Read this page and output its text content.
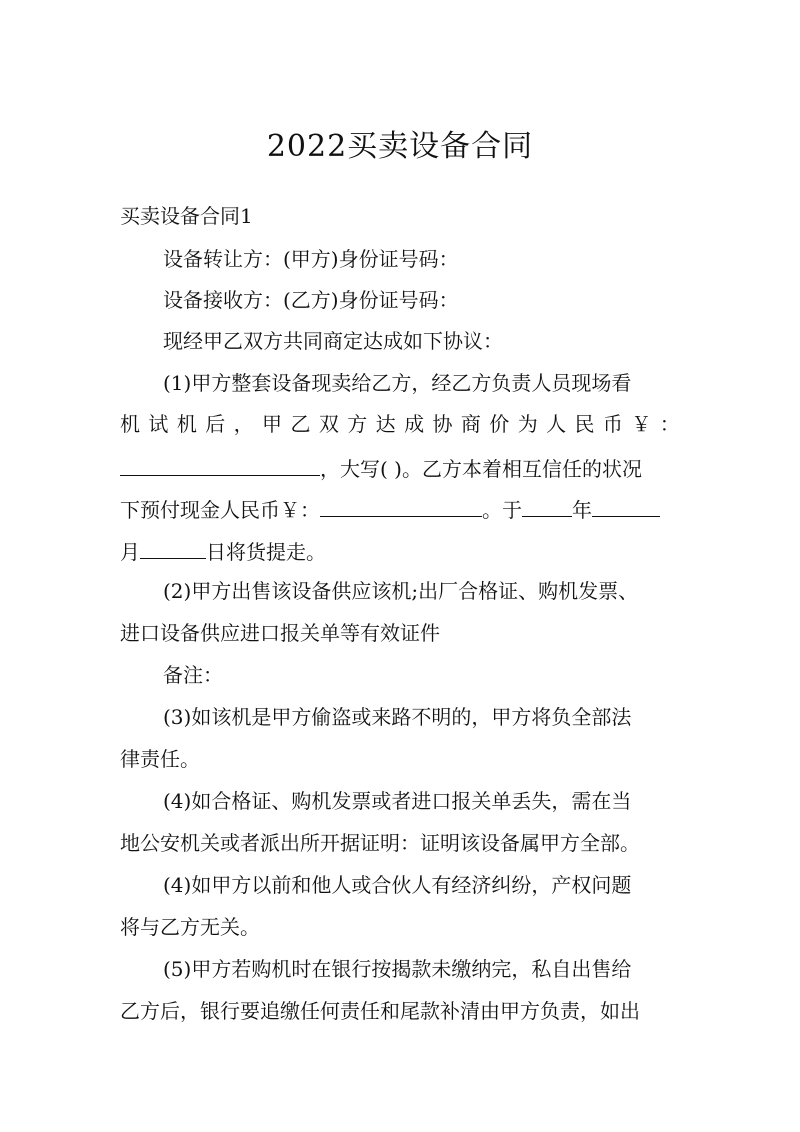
2022买卖设备合同
买卖设备合同1
设备转让方：(甲方)身份证号码：
设备接收方：(乙方)身份证号码：
现经甲乙双方共同商定达成如下协议：
(1)甲方整套设备现卖给乙方，经乙方负责人员现场看
机 试 机 后 ， 甲 乙 双 方 达 成 协 商 价 为 人 民 币 ￥ ：
，大写( )。乙方本着相互信任的状况
下预付现金人民币￥：	。于	年
月	日将货提走。
(2)甲方出售该设备供应该机;出厂合格证、购机发票、
进口设备供应进口报关单等有效证件
备注：
(3)如该机是甲方偷盗或来路不明的，甲方将负全部法
律责任。
(4)如合格证、购机发票或者进口报关单丢失，需在当
地公安机关或者派出所开据证明：证明该设备属甲方全部。
(4)如甲方以前和他人或合伙人有经济纠纷，产权问题
将与乙方无关。
(5)甲方若购机时在银行按揭款未缴纳完，私自出售给
乙方后，银行要追缴任何责任和尾款补清由甲方负责，如出
